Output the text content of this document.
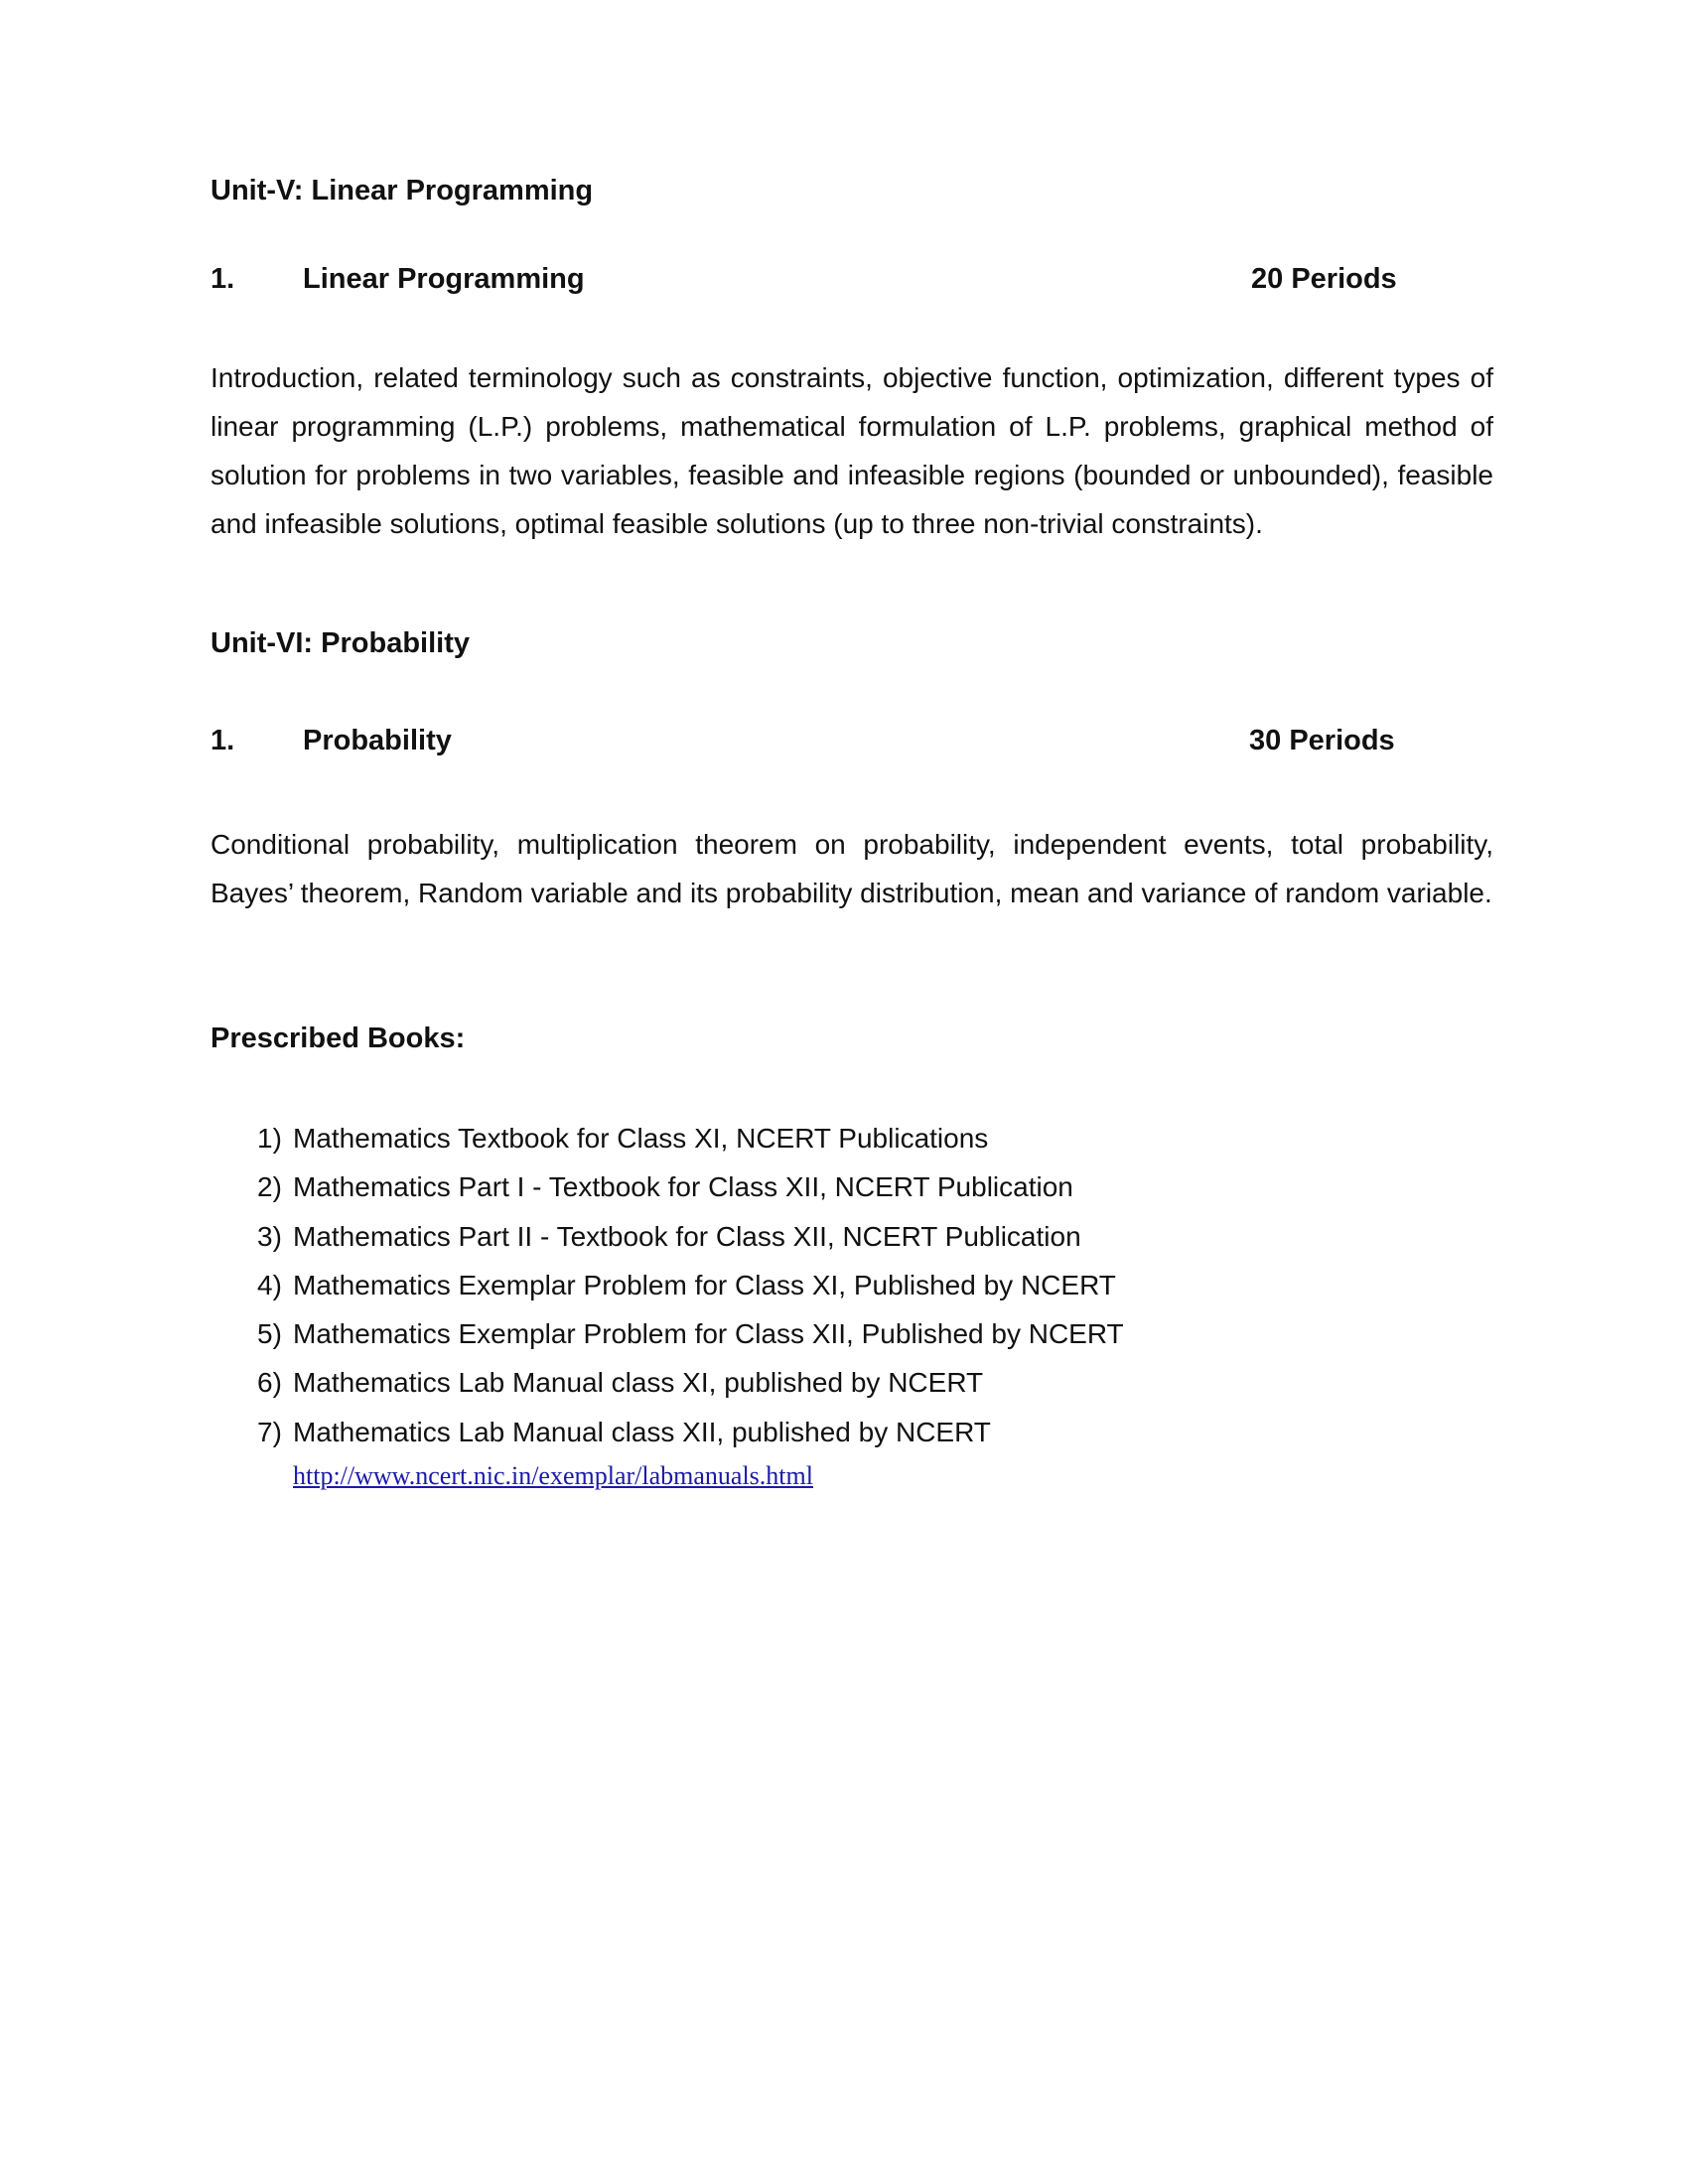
Unit-V: Linear Programming
1. Linear Programming	20 Periods
Introduction, related terminology such as constraints, objective function, optimization, different types of linear programming (L.P.) problems, mathematical formulation of L.P. problems, graphical method of solution for problems in two variables, feasible and infeasible regions (bounded or unbounded), feasible and infeasible solutions, optimal feasible solutions (up to three non-trivial constraints).
Unit-VI: Probability
1. Probability	30 Periods
Conditional probability, multiplication theorem on probability, independent events, total probability, Bayes’ theorem, Random variable and its probability distribution, mean and variance of random variable.
Prescribed Books:
1) Mathematics Textbook for Class XI, NCERT Publications
2) Mathematics Part I - Textbook for Class XII, NCERT Publication
3) Mathematics Part II - Textbook for Class XII, NCERT Publication
4) Mathematics Exemplar Problem for Class XI, Published by NCERT
5) Mathematics Exemplar Problem for Class XII, Published by NCERT
6) Mathematics Lab Manual class XI, published by NCERT
7) Mathematics Lab Manual class XII, published by NCERT
http://www.ncert.nic.in/exemplar/labmanuals.html
